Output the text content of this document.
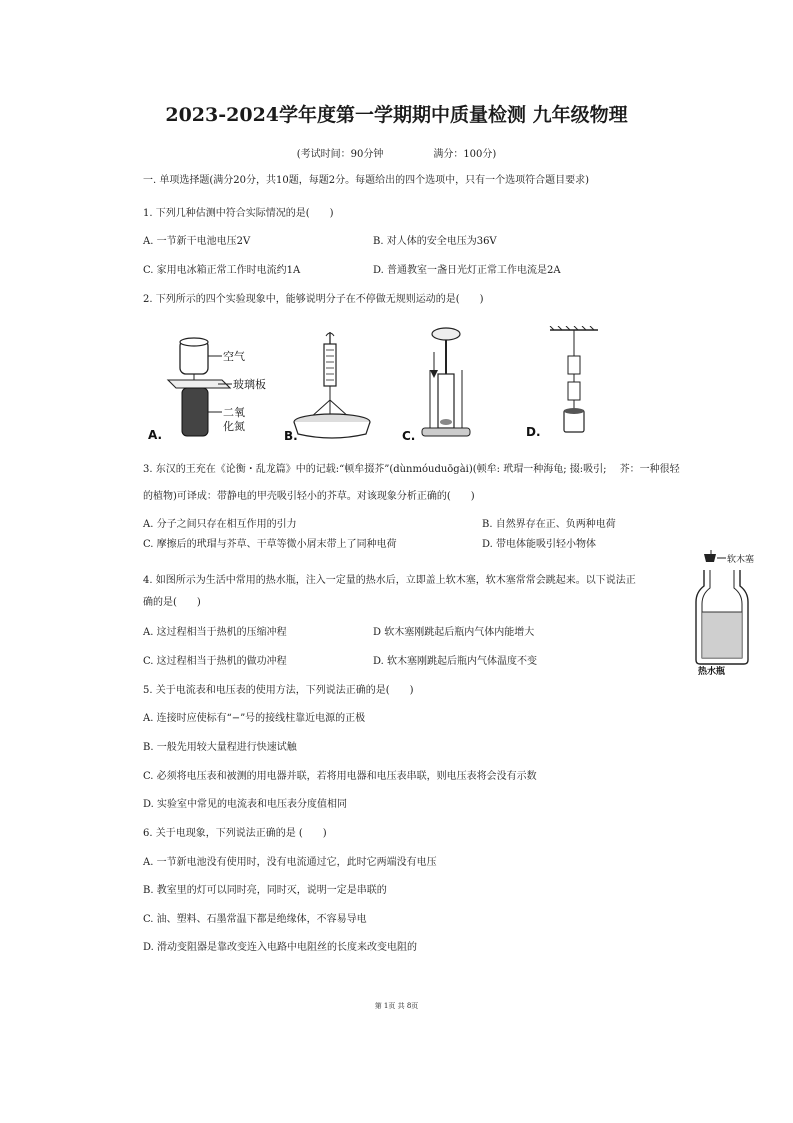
2023-2024学年度第一学期期中质量检测 九年级物理
(考试时间：90分钟　　　　　满分：100分)
一. 单项选择题(满分20分，共10题，每题2分。每题给出的四个选项中，只有一个选项符合题目要求)
1. 下列几种估测中符合实际情况的是(　　)
A. 一节新干电池电压2V	B. 对人体的安全电压为36V
C. 家用电冰箱正常工作时电流约1A	D. 普通教室一盏日光灯正常工作电流是2A
2. 下列所示的四个实验现象中，能够说明分子在不停做无规则运动的是(　　)
空气
玻璃板
二氧
化氮
A.	B.	C.	D.
3. 东汉的王充在《论衡・乱龙篇》中的记载:“顿牟掇芥”(dùnmóuduōgài)(顿牟: 玳瑁一种海龟; 掇:吸引; 　芥：一种很轻
的植物)可译成：带静电的甲壳吸引轻小的芥草。对该现象分析正确的(　　)
A. 分子之间只存在相互作用的引力	B. 自然界存在正、负两种电荷
C. 摩擦后的玳瑁与芥草、干草等微小屑末带上了同种电荷	D. 带电体能吸引轻小物体
4. 如图所示为生活中常用的热水瓶，注入一定量的热水后，立即盖上软木塞，软木塞常常会跳起来。以下说法正
确的是(　　)
A. 这过程相当于热机的压缩冲程	D 软木塞刚跳起后瓶内气体内能增大
C. 这过程相当于热机的做功冲程	D. 软木塞刚跳起后瓶内气体温度不变
软木塞
热水瓶
5. 关于电流表和电压表的使用方法，下列说法正确的是(　　)
A. 连接时应使标有“−”号的接线柱靠近电源的正极
B. 一般先用较大量程进行快速试触
C. 必须将电压表和被测的用电器并联，若将用电器和电压表串联，则电压表将会没有示数
D. 实验室中常见的电流表和电压表分度值相同
6. 关于电现象，下列说法正确的是 (　　)
A. 一节新电池没有使用时，没有电流通过它，此时它两端没有电压
B. 教室里的灯可以同时亮，同时灭，说明一定是串联的
C. 油、塑料、石墨常温下都是绝缘体，不容易导电
D. 滑动变阻器是靠改变连入电路中电阻丝的长度来改变电阻的
第 1页 共 8页
